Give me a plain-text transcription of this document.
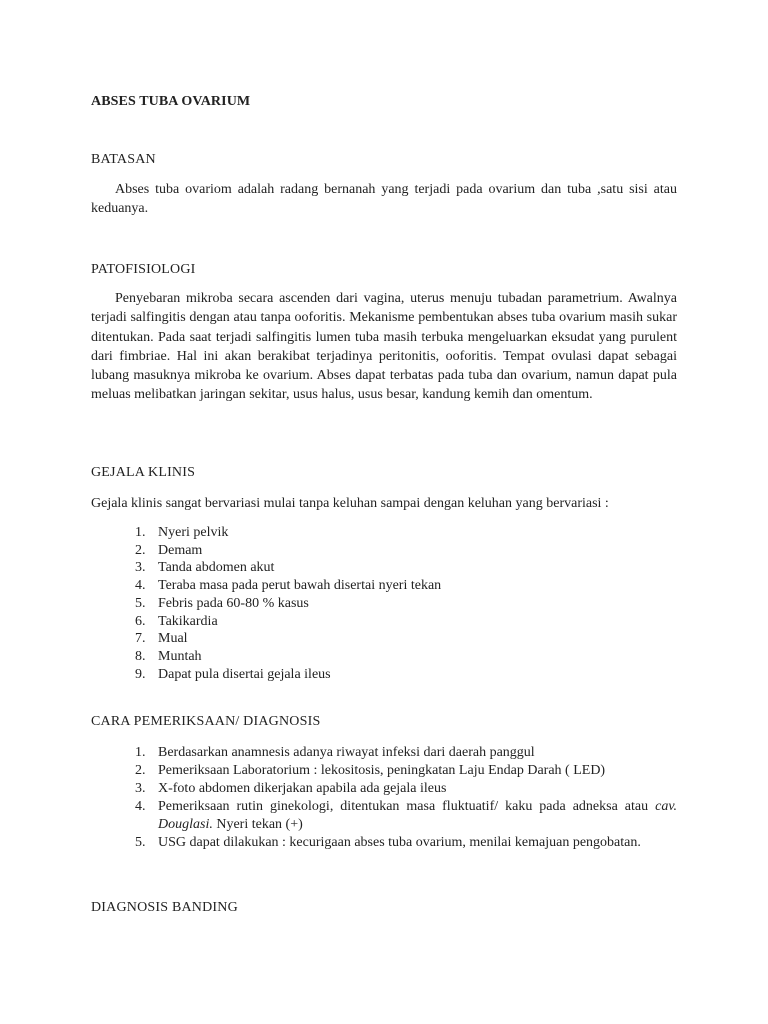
ABSES TUBA OVARIUM
BATASAN

Abses tuba ovariom adalah radang bernanah yang terjadi pada ovarium dan tuba ,satu sisi atau keduanya.

PATOFISIOLOGI

Penyebaran mikroba secara ascenden dari vagina, uterus menuju tubadan parametrium. Awalnya terjadi salfingitis dengan atau tanpa ooforitis. Mekanisme pembentukan abses tuba ovarium masih sukar ditentukan. Pada saat terjadi salfingitis lumen tuba masih terbuka mengeluarkan eksudat yang purulent dari fimbriae. Hal ini akan berakibat terjadinya peritonitis, ooforitis. Tempat ovulasi dapat sebagai lubang masuknya mikroba ke ovarium. Abses dapat terbatas pada tuba dan ovarium, namun dapat pula meluas melibatkan jaringan sekitar, usus halus, usus besar, kandung kemih dan omentum.

GEJALA KLINIS
Gejala klinis sangat bervariasi mulai tanpa keluhan sampai dengan keluhan yang bervariasi :
1. Nyeri pelvik
2. Demam
3. Tanda abdomen akut
4. Teraba masa pada perut bawah disertai nyeri tekan
5. Febris pada 60-80 % kasus
6. Takikardia
7. Mual
8. Muntah
9. Dapat pula disertai gejala ileus
CARA PEMERIKSAAN/ DIAGNOSIS
1. Berdasarkan anamnesis adanya riwayat infeksi dari daerah panggul
2. Pemeriksaan Laboratorium : lekositosis, peningkatan Laju Endap Darah ( LED)
3. X-foto abdomen dikerjakan apabila ada gejala ileus
4. Pemeriksaan rutin ginekologi, ditentukan masa fluktuatif/ kaku pada adneksa atau cav. Douglasi. Nyeri tekan (+)
5. USG dapat dilakukan : kecurigaan abses tuba ovarium, menilai kemajuan pengobatan.
DIAGNOSIS BANDING
